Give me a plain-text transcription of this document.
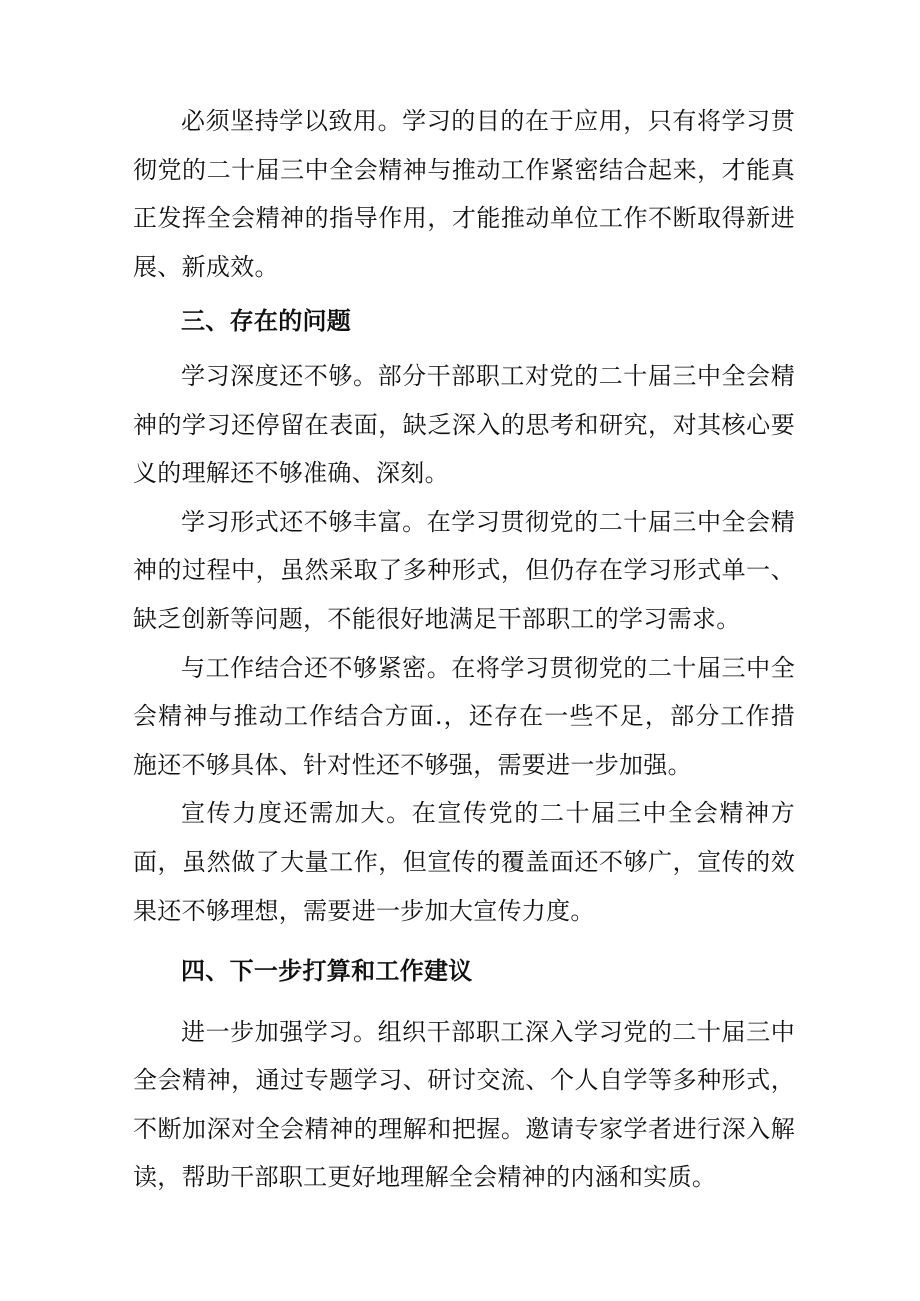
必须坚持学以致用。学习的目的在于应用，只有将学习贯彻党的二十届三中全会精神与推动工作紧密结合起来，才能真正发挥全会精神的指导作用，才能推动单位工作不断取得新进展、新成效。

三、存在的问题

学习深度还不够。部分干部职工对党的二十届三中全会精神的学习还停留在表面，缺乏深入的思考和研究，对其核心要义的理解还不够准确、深刻。

学习形式还不够丰富。在学习贯彻党的二十届三中全会精神的过程中，虽然采取了多种形式，但仍存在学习形式单一、缺乏创新等问题，不能很好地满足干部职工的学习需求。

与工作结合还不够紧密。在将学习贯彻党的二十届三中全会精神与推动工作结合方面.，还存在一些不足，部分工作措施还不够具体、针对性还不够强，需要进一步加强。

宣传力度还需加大。在宣传党的二十届三中全会精神方面，虽然做了大量工作，但宣传的覆盖面还不够广，宣传的效果还不够理想，需要进一步加大宣传力度。

四、下一步打算和工作建议

进一步加强学习。组织干部职工深入学习党的二十届三中全会精神，通过专题学习、研讨交流、个人自学等多种形式，不断加深对全会精神的理解和把握。邀请专家学者进行深入解读，帮助干部职工更好地理解全会精神的内涵和实质。
